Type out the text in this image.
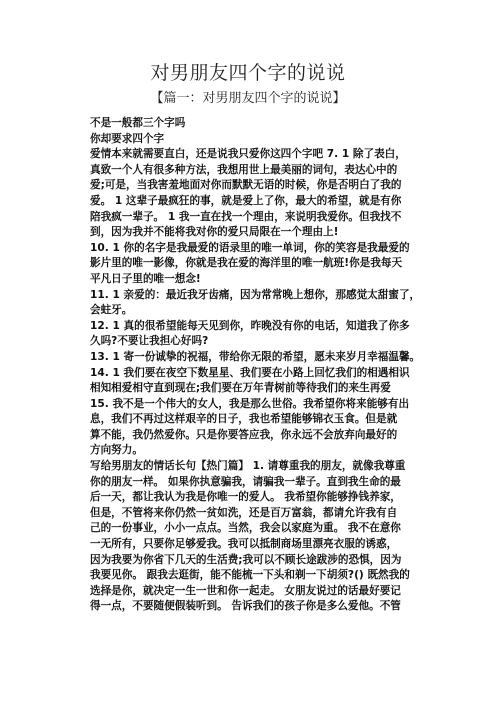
对男朋友四个字的说说
【篇一：对男朋友四个字的说说】
不是一般都三个字吗
你却要求四个字
爱情本来就需要直白，还是说我只爱你这四个字吧 7. 1 除了表白，
真致一个人有很多种方法，我想用世上最美丽的词句，表达心中的
爱;可是，当我害羞地面对你而默默无语的时候，你是否明白了我的
爱。 1 这辈子最疯狂的事，就是爱上了你，最大的希望，就是有你
陪我疯一辈子。 1 我一直在找一个理由，来说明我爱你。但我找不
到，因为我并不能将我对你的爱只局限在一个理由上!
10. 1 你的名字是我最爱的语录里的唯一单词，你的笑容是我最爱的
影片里的唯一影像，你就是我在爱的海洋里的唯一航班!你是我每天
平凡日子里的唯一想念!
11. 1 亲爱的：最近我牙齿痛，因为常常晚上想你，那感觉太甜蜜了，
会蛀牙。
12. 1 真的很希望能每天见到你，昨晚没有你的电话，知道我了你多
久吗?不要让我担心好吗?
13. 1 寄一份诚挚的祝福，带给你无限的希望，愿未来岁月幸福温馨。
14. 1 我们要在夜空下数星星、我们要在小路上回忆我们的相遇相识
相知相爱相守直到现在;我们要在万年青树前等待我们的来生再爱
15. 我不是一个伟大的女人，我是那么世俗。我希望你将来能够有出
息，我们不再过这样艰辛的日子，我也希望能够锦衣玉食。但是就
算不能，我仍然爱你。只是你要答应我，你永远不会放弃向最好的
方向努力。
写给男朋友的情话长句【热门篇】 1. 请尊重我的朋友，就像我尊重
你的朋友一样。 如果你执意骗我，请骗我一辈子。直到我生命的最
后一天，都让我认为我是你唯一的爱人。 我希望你能够挣钱养家，
但是，不管将来你仍然一贫如洗，还是百万富翁，都请允许我有自
己的一份事业，小小一点点。当然，我会以家庭为重。 我不在意你
一无所有，只要你足够爱我。我可以抵制商场里漂亮衣服的诱惑，
因为我要为你省下几天的生活费;我可以不顾长途跋涉的恐惧，因为
我要见你。 跟我去逛街，能不能梳一下头和剃一下胡须?() 既然我的
选择是你，就决定一生一世和你一起走。 女朋友说过的话最好要记
得一点，不要随便假装听到。 告诉我们的孩子你是多么爱他。不管
